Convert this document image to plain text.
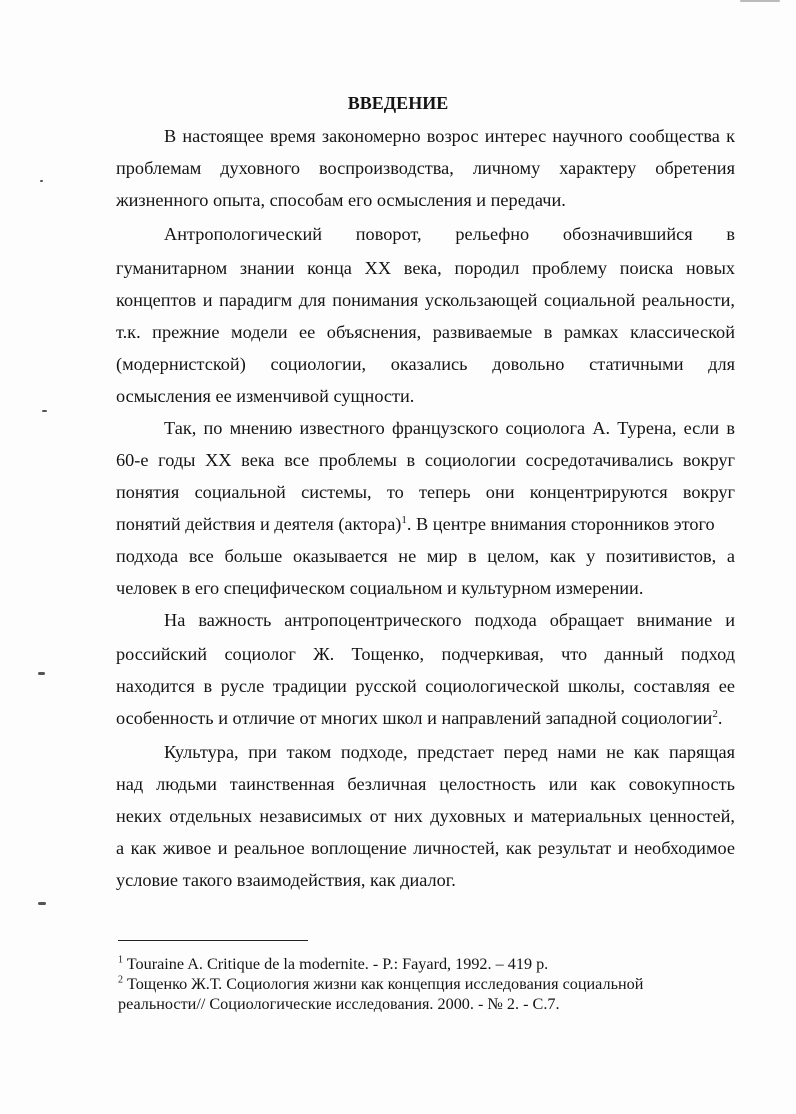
ВВЕДЕНИЕ
В настоящее время закономерно возрос интерес научного сообщества к
проблемам духовного воспроизводства, личному характеру обретения
жизненного опыта, способам его осмысления и передачи.
Антропологический поворот, рельефно обозначившийся в
гуманитарном знании конца XX века, породил проблему поиска новых
концептов и парадигм для понимания ускользающей социальной реальности,
т.к. прежние модели ее объяснения, развиваемые в рамках классической
(модернистской) социологии, оказались довольно статичными для
осмысления ее изменчивой сущности.
Так, по мнению известного французского социолога А. Турена, если в
60-е годы XX века все проблемы в социологии сосредотачивались вокруг
понятия социальной системы, то теперь они концентрируются вокруг
понятий действия и деятеля (актора)$^1$. В центре внимания сторонников этого
подхода все больше оказывается не мир в целом, как у позитивистов, а
человек в его специфическом социальном и культурном измерении.
На важность антропоцентрического подхода обращает внимание и
российский социолог Ж. Тощенко, подчеркивая, что данный подход
находится в русле традиции русской социологической школы, составляя ее
особенность и отличие от многих школ и направлений западной социологии$^2$.
Культура, при таком подходе, предстает перед нами не как парящая
над людьми таинственная безличная целостность или как совокупность
неких отдельных независимых от них духовных и материальных ценностей,
а как живое и реальное воплощение личностей, как результат и необходимое
условие такого взаимодействия, как диалог.
$^1$ Touraine A. Critique de la modernite. - P.: Fayard, 1992. – 419 p.
$^2$ Тощенко Ж.Т. Социология жизни как концепция исследования социальной
реальности// Социологические исследования. 2000. - № 2. - С.7.
